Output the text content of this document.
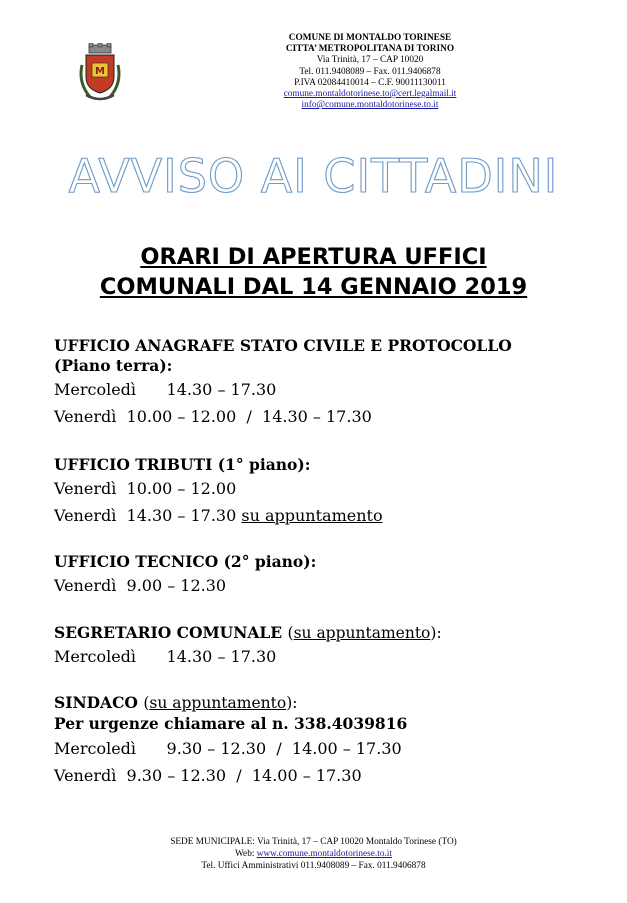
M
COMUNE DI MONTALDO TORINESE
CITTA’ METROPOLITANA DI TORINO
Via Trinità, 17 – CAP 10020
Tel. 011.9408089 – Fax. 011.9406878
P.IVA 02084410014 – C.F. 90011130011
comune.montaldotorinese.to@cert.legalmail.it
info@comune.montaldotorinese.to.it
AVVISO AI CITTADINI
ORARI DI APERTURA UFFICI
COMUNALI DAL 14 GENNAIO 2019
UFFICIO ANAGRAFE STATO CIVILE E PROTOCOLLO
(Piano terra):
Mercoledì      14.30 – 17.30
Venerdì  10.00 – 12.00  /  14.30 – 17.30
UFFICIO TRIBUTI (1° piano):
Venerdì  10.00 – 12.00
Venerdì  14.30 – 17.30 su appuntamento
UFFICIO TECNICO (2° piano):
Venerdì  9.00 – 12.30
SEGRETARIO COMUNALE (su appuntamento):
Mercoledì      14.30 – 17.30
SINDACO (su appuntamento):
Per urgenze chiamare al n. 338.4039816
Mercoledì      9.30 – 12.30  /  14.00 – 17.30
Venerdì  9.30 – 12.30  /  14.00 – 17.30
SEDE MUNICIPALE: Via Trinità, 17 – CAP 10020 Montaldo Torinese (TO)
Web: www.comune.montaldotorinese.to.it
Tel. Uffici Amministrativi 011.9408089 – Fax. 011.9406878
